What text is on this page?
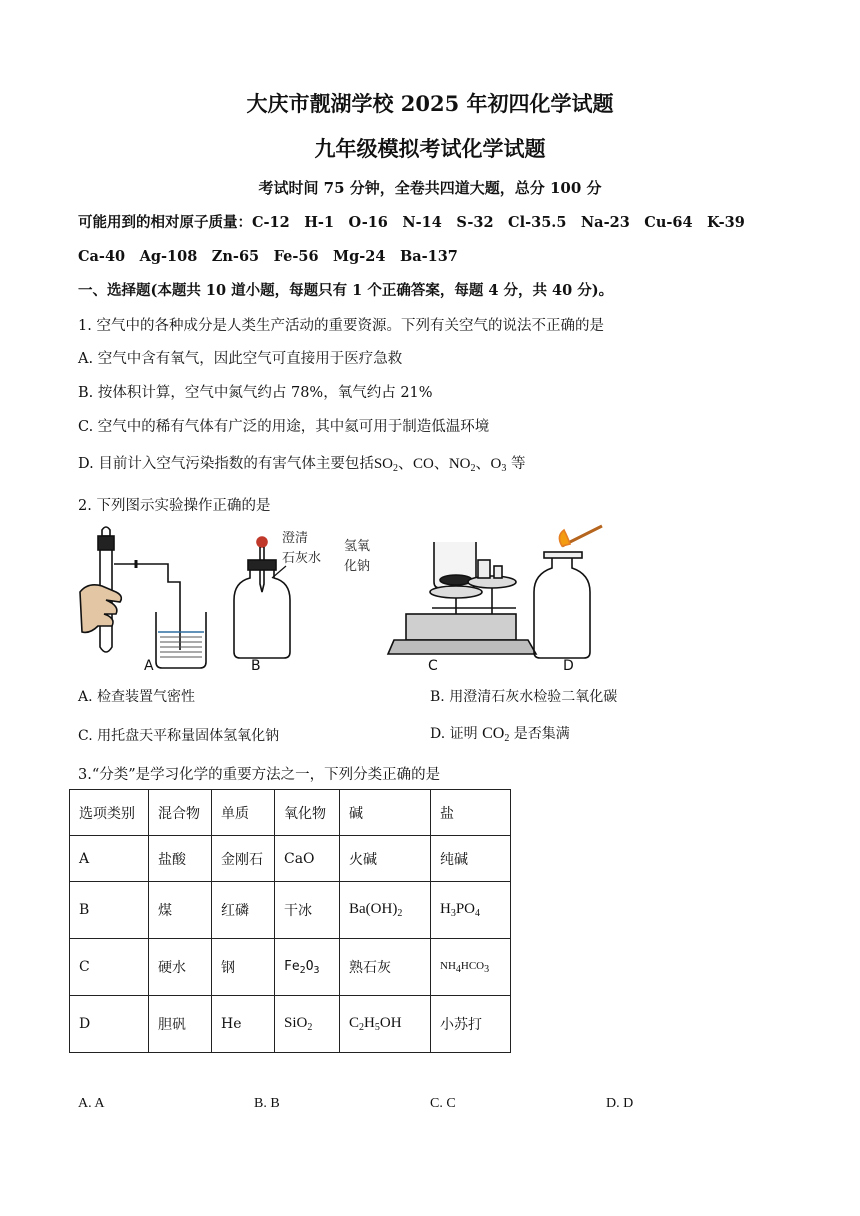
大庆市靓湖学校 2025 年初四化学试题
九年级模拟考试化学试题
考试时间 75 分钟，全卷共四道大题，总分 100 分
可能用到的相对原子质量：C-12　H-1　O-16　N-14　S-32　Cl-35.5　Na-23　Cu-64　K-39
Ca-40　Ag-108　Zn-65　Fe-56　Mg-24　Ba-137
一、选择题(本题共 10 道小题，每题只有 1 个正确答案，每题 4 分，共 40 分)。
1. 空气中的各种成分是人类生产活动的重要资源。下列有关空气的说法不正确的是
A. 空气中含有氧气，因此空气可直接用于医疗急救
B. 按体积计算，空气中氮气约占 78%，氧气约占 21%
C. 空气中的稀有气体有广泛的用途，其中氦可用于制造低温环境
D. 目前计入空气污染指数的有害气体主要包括$SO_2$、CO、$NO_2$、$O_3$ 等
2. 下列图示实验操作正确的是
澄清
石灰水
氢氧
化钠
A	B	C	D
A. 检查装置气密性	B. 用澄清石灰水检验二氧化碳
C. 用托盘天平称量固体氢氧化钠	D. 证明 $CO_2$ 是否集满
3.“分类”是学习化学的重要方法之一，下列分类正确的是
选项类别	混合物	单质	氧化物	碱	盐
A	盐酸	金刚石	CaO	火碱	纯碱
B	煤	红磷	干冰	$Ba(OH)_2$	$H_3PO_4$
C	硬水	钢	$Fe_2O_3$	熟石灰	$NH_4HCO_3$
D	胆矾	He	SiO$_2$	$C_2H_5OH$	小苏打
A. A	B. B	C. C	D. D
